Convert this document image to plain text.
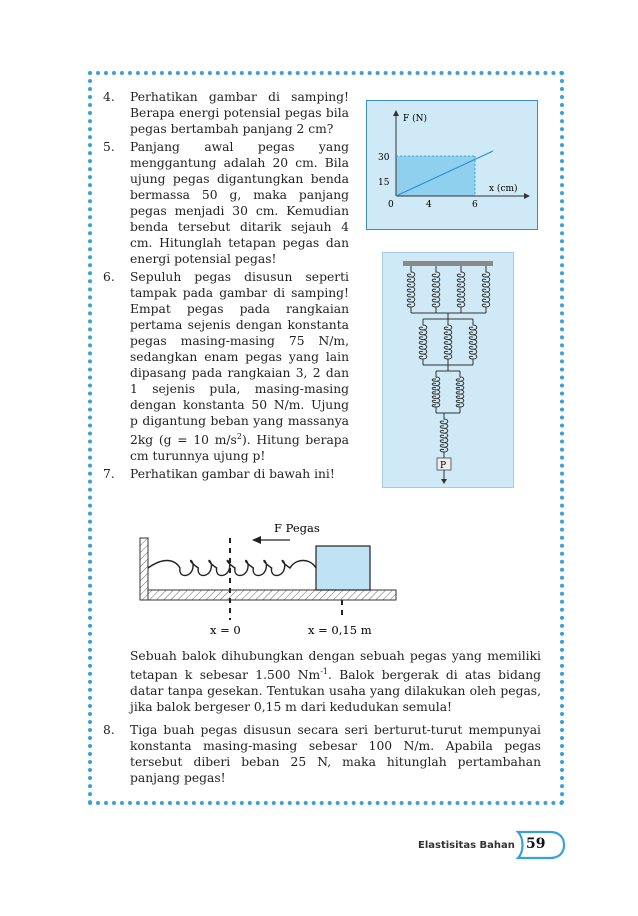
4. Perhatikan gambar di samping! Berapa energi potensial pegas bila pegas bertambah panjang 2 cm?
5. Panjang awal pegas yang menggantung adalah 20 cm. Bila ujung pegas digantungkan benda bermassa 50 g, maka panjang pegas menjadi 30 cm. Kemudian benda tersebut ditarik sejauh 4 cm. Hitunglah tetapan pegas dan energi potensial pegas!
6. Sepuluh pegas disusun seperti tampak pada gambar di samping! Empat pegas pada rangkaian pertama sejenis dengan konstanta pegas masing-masing 75 N/m, sedangkan enam pegas yang lain dipasang pada rangkaian 3, 2 dan 1 sejenis pula, masing-masing dengan konstanta 50 N/m. Ujung p digantung beban yang massanya 2kg (g = 10 $m/s^2$). Hitung berapa cm turunnya ujung p!
7. Perhatikan gambar di bawah ini!
F (N)
x (cm)
30
15
0	4	6
P
F Pegas
x = 0	x = 0,15 m
Sebuah balok dihubungkan dengan sebuah pegas yang memiliki tetapan k sebesar 1.500 $Nm^{-1}$. Balok bergerak di atas bidang datar tanpa gesekan. Tentukan usaha yang dilakukan oleh pegas, jika balok bergeser 0,15 m dari kedudukan semula!
8. Tiga buah pegas disusun secara seri berturut-turut mempunyai konstanta masing-masing sebesar 100 N/m. Apabila pegas tersebut diberi beban 25 N, maka hitunglah pertambahan panjang pegas!
Elastisitas Bahan 59
